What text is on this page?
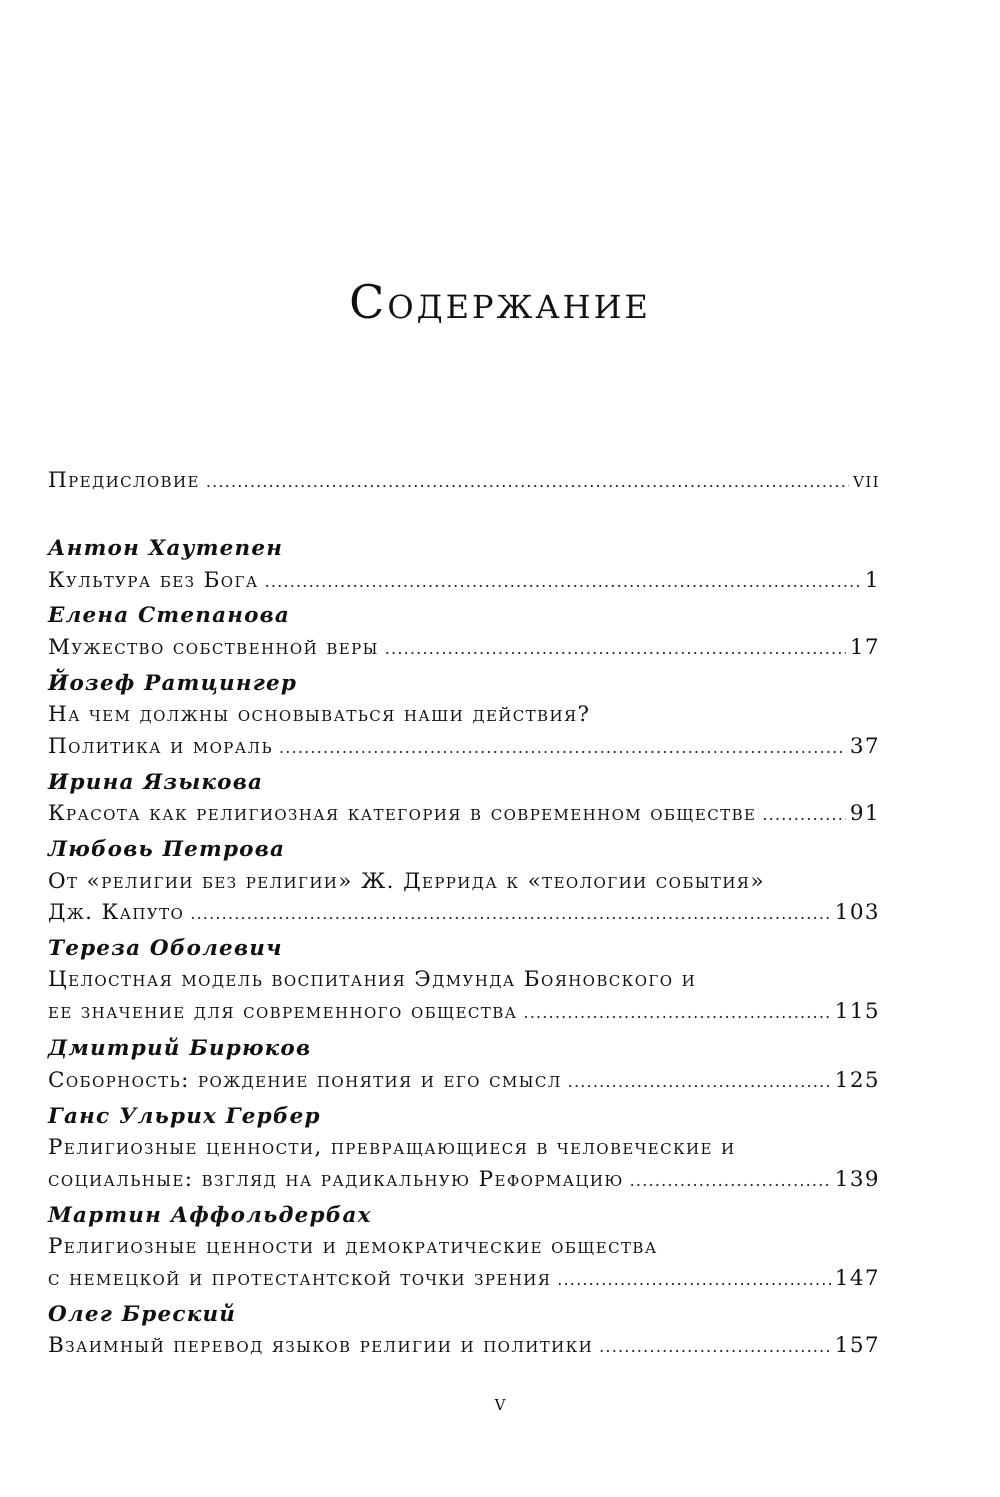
Содержание
Предисловие .....	vii
Антон Хаутепен
Культура без Бога .....	1
Елена Степанова
Мужество собственной веры .....	17
Йозеф Ратцингер
На чем должны основываться наши действия?
Политика и мораль .....	37
Ирина Языкова
Красота как религиозная категория в современном обществе .....	91
Любовь Петрова
От «религии без религии» Ж. Деррида к «теологии события»
Дж. Капуто .....	103
Тереза Оболевич
Целостная модель воспитания Эдмунда Бояновского и
ее значение для современного общества .....	115
Дмитрий Бирюков
Соборность: рождение понятия и его смысл .....	125
Ганс Ульрих Гербер
Религиозные ценности, превращающиеся в человеческие и
социальные: взгляд на радикальную Реформацию .....	139
Мартин Аффольдербах
Религиозные ценности и демократические общества
с немецкой и протестантской точки зрения .....	147
Олег Бреский
Взаимный перевод языков религии и политики .....	157
v
